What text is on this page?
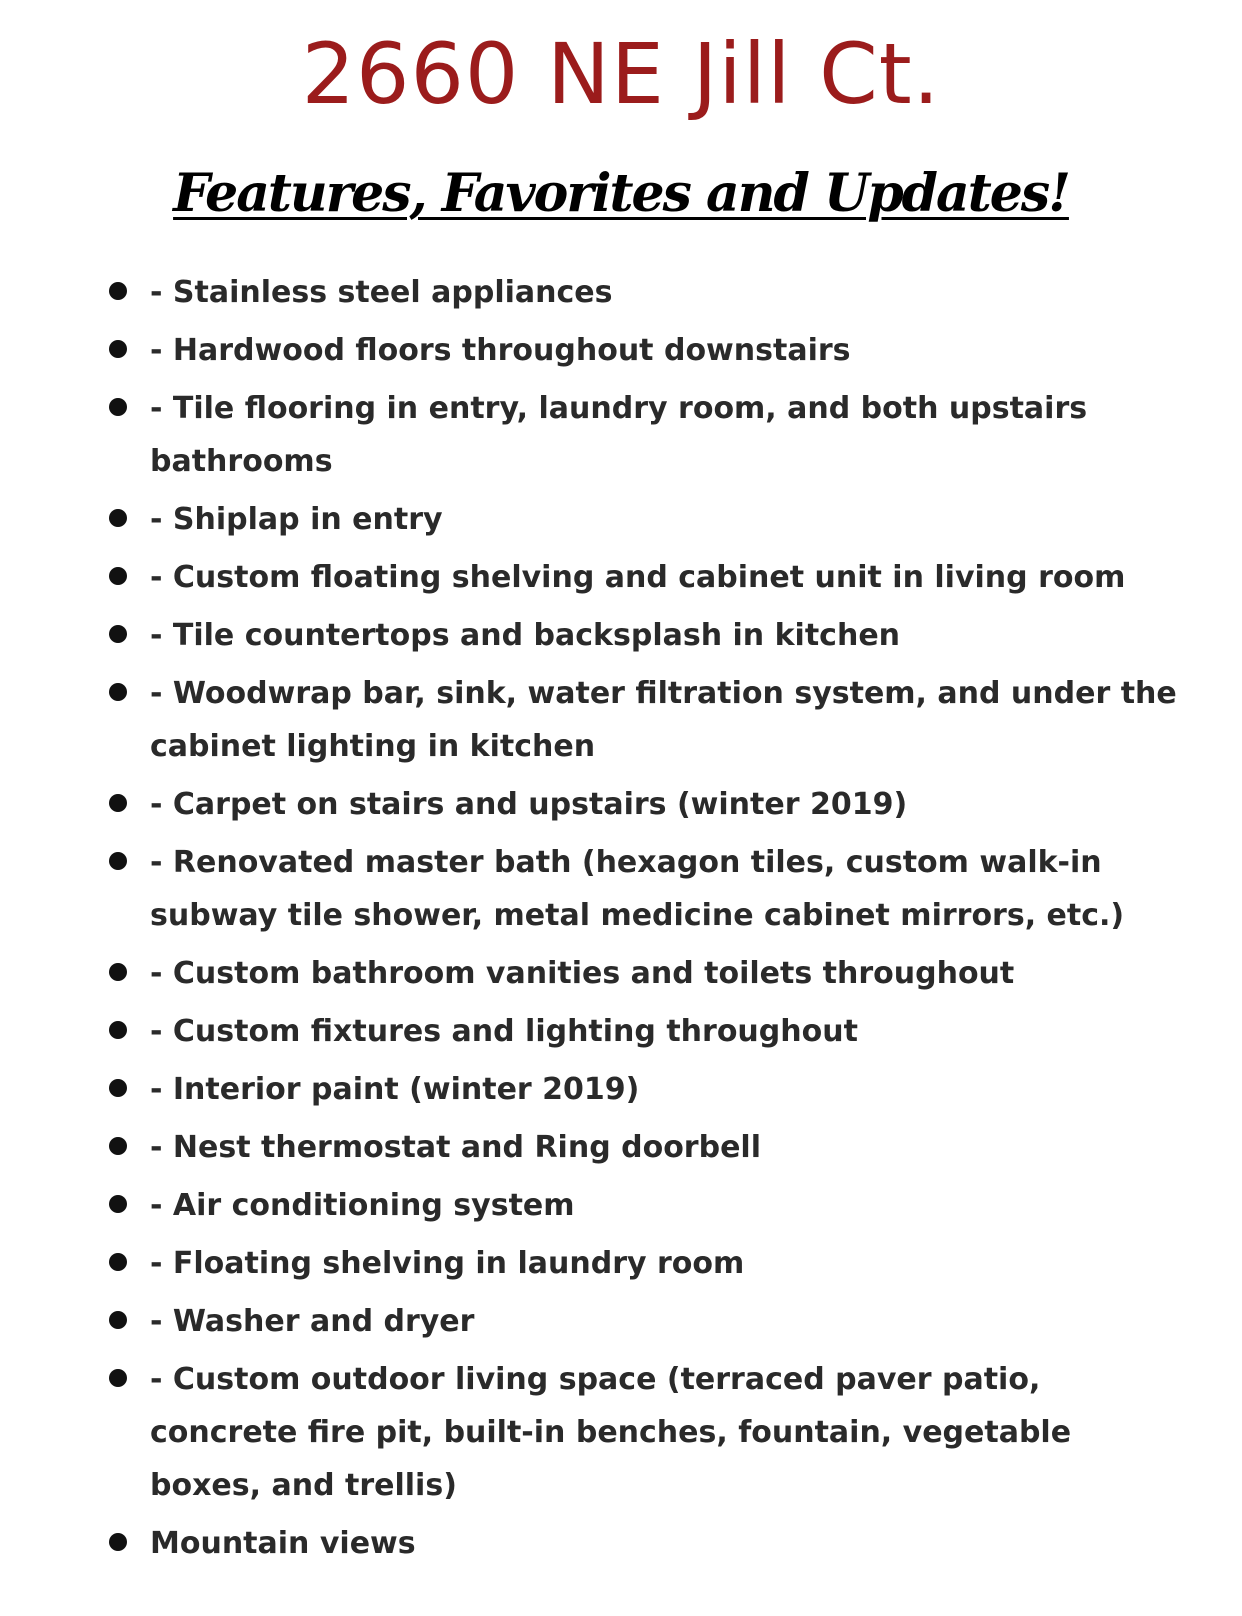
2660 NE Jill Ct.
Features, Favorites and Updates!
- Stainless steel appliances
- Hardwood floors throughout downstairs
- Tile flooring in entry, laundry room, and both upstairs bathrooms
- Shiplap in entry
- Custom floating shelving and cabinet unit in living room
- Tile countertops and backsplash in kitchen
- Woodwrap bar, sink, water filtration system, and under the cabinet lighting in kitchen
- Carpet on stairs and upstairs (winter 2019)
- Renovated master bath (hexagon tiles, custom walk-in subway tile shower, metal medicine cabinet mirrors, etc.)
- Custom bathroom vanities and toilets throughout
- Custom fixtures and lighting throughout
- Interior paint (winter 2019)
- Nest thermostat and Ring doorbell
- Air conditioning system
- Floating shelving in laundry room
- Washer and dryer
- Custom outdoor living space (terraced paver patio, concrete fire pit, built-in benches, fountain, vegetable boxes, and trellis)
Mountain views
